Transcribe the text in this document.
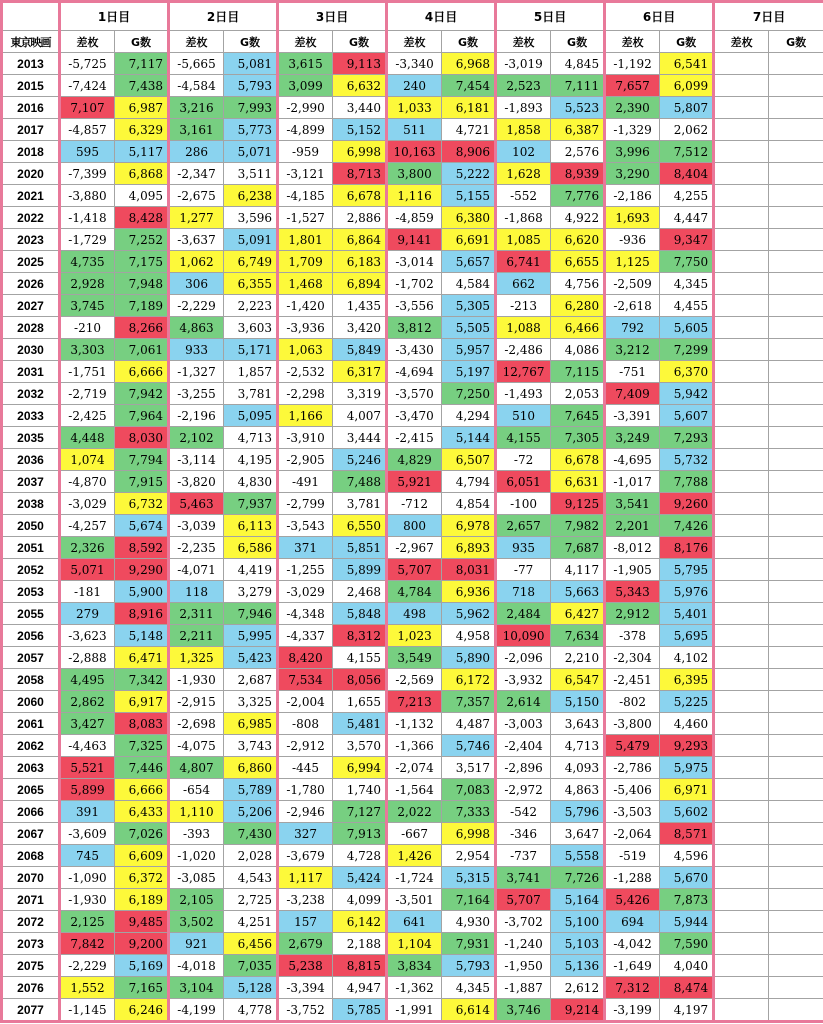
	1日目		2日目		3日目		4日目		5日目		6日目		7日目	
東京映画	差枚	G数	差枚	G数	差枚	G数	差枚	G数	差枚	G数	差枚	G数	差枚	G数
2013	-5,725	7,117	-5,665	5,081	3,615	9,113	-3,340	6,968	-3,019	4,845	-1,192	6,541		
2015	-7,424	7,438	-4,584	5,793	3,099	6,632	240	7,454	2,523	7,111	7,657	6,099		
2016	7,107	6,987	3,216	7,993	-2,990	3,440	1,033	6,181	-1,893	5,523	2,390	5,807		
2017	-4,857	6,329	3,161	5,773	-4,899	5,152	511	4,721	1,858	6,387	-1,329	2,062		
2018	595	5,117	286	5,071	-959	6,998	10,163	8,906	102	2,576	3,996	7,512		
2020	-7,399	6,868	-2,347	3,511	-3,121	8,713	3,800	5,222	1,628	8,939	3,290	8,404		
2021	-3,880	4,095	-2,675	6,238	-4,185	6,678	1,116	5,155	-552	7,776	-2,186	4,255		
2022	-1,418	8,428	1,277	3,596	-1,527	2,886	-4,859	6,380	-1,868	4,922	1,693	4,447		
2023	-1,729	7,252	-3,637	5,091	1,801	6,864	9,141	6,691	1,085	6,620	-936	9,347		
2025	4,735	7,175	1,062	6,749	1,709	6,183	-3,014	5,657	6,741	6,655	1,125	7,750		
2026	2,928	7,948	306	6,355	1,468	6,894	-1,702	4,584	662	4,756	-2,509	4,345		
2027	3,745	7,189	-2,229	2,223	-1,420	1,435	-3,556	5,305	-213	6,280	-2,618	4,455		
2028	-210	8,266	4,863	3,603	-3,936	3,420	3,812	5,505	1,088	6,466	792	5,605		
2030	3,303	7,061	933	5,171	1,063	5,849	-3,430	5,957	-2,486	4,086	3,212	7,299		
2031	-1,751	6,666	-1,327	1,857	-2,532	6,317	-4,694	5,197	12,767	7,115	-751	6,370		
2032	-2,719	7,942	-3,255	3,781	-2,298	3,319	-3,570	7,250	-1,493	2,053	7,409	5,942		
2033	-2,425	7,964	-2,196	5,095	1,166	4,007	-3,470	4,294	510	7,645	-3,391	5,607		
2035	4,448	8,030	2,102	4,713	-3,910	3,444	-2,415	5,144	4,155	7,305	3,249	7,293		
2036	1,074	7,794	-3,114	4,195	-2,905	5,246	4,829	6,507	-72	6,678	-4,695	5,732		
2037	-4,870	7,915	-3,820	4,830	-491	7,488	5,921	4,794	6,051	6,631	-1,017	7,788		
2038	-3,029	6,732	5,463	7,937	-2,799	3,781	-712	4,854	-100	9,125	3,541	9,260		
2050	-4,257	5,674	-3,039	6,113	-3,543	6,550	800	6,978	2,657	7,982	2,201	7,426		
2051	2,326	8,592	-2,235	6,586	371	5,851	-2,967	6,893	935	7,687	-8,012	8,176		
2052	5,071	9,290	-4,071	4,419	-1,255	5,899	5,707	8,031	-77	4,117	-1,905	5,795		
2053	-181	5,900	118	3,279	-3,029	2,468	4,784	6,936	718	5,663	5,343	5,976		
2055	279	8,916	2,311	7,946	-4,348	5,848	498	5,962	2,484	6,427	2,912	5,401		
2056	-3,623	5,148	2,211	5,995	-4,337	8,312	1,023	4,958	10,090	7,634	-378	5,695		
2057	-2,888	6,471	1,325	5,423	8,420	4,155	3,549	5,890	-2,096	2,210	-2,304	4,102		
2058	4,495	7,342	-1,930	2,687	7,534	8,056	-2,569	6,172	-3,932	6,547	-2,451	6,395		
2060	2,862	6,917	-2,915	3,325	-2,004	1,655	7,213	7,357	2,614	5,150	-802	5,225		
2061	3,427	8,083	-2,698	6,985	-808	5,481	-1,132	4,487	-3,003	3,643	-3,800	4,460		
2062	-4,463	7,325	-4,075	3,743	-2,912	3,570	-1,366	5,746	-2,404	4,713	5,479	9,293		
2063	5,521	7,446	4,807	6,860	-445	6,994	-2,074	3,517	-2,896	4,093	-2,786	5,975		
2065	5,899	6,666	-654	5,789	-1,780	1,740	-1,564	7,083	-2,972	4,863	-5,406	6,971		
2066	391	6,433	1,110	5,206	-2,946	7,127	2,022	7,333	-542	5,796	-3,503	5,602		
2067	-3,609	7,026	-393	7,430	327	7,913	-667	6,998	-346	3,647	-2,064	8,571		
2068	745	6,609	-1,020	2,028	-3,679	4,728	1,426	2,954	-737	5,558	-519	4,596		
2070	-1,090	6,372	-3,085	4,543	1,117	5,424	-1,724	5,315	3,741	7,726	-1,288	5,670		
2071	-1,930	6,189	2,105	2,725	-3,238	4,099	-3,501	7,164	5,707	5,164	5,426	7,873		
2072	2,125	9,485	3,502	4,251	157	6,142	641	4,930	-3,702	5,100	694	5,944		
2073	7,842	9,200	921	6,456	2,679	2,188	1,104	7,931	-1,240	5,103	-4,042	7,590		
2075	-2,229	5,169	-4,018	7,035	5,238	8,815	3,834	5,793	-1,950	5,136	-1,649	4,040		
2076	1,552	7,165	3,104	5,128	-3,394	4,947	-1,362	4,345	-1,887	2,612	7,312	8,474		
2077	-1,145	6,246	-4,199	4,778	-3,752	5,785	-1,991	6,614	3,746	9,214	-3,199	4,197		
